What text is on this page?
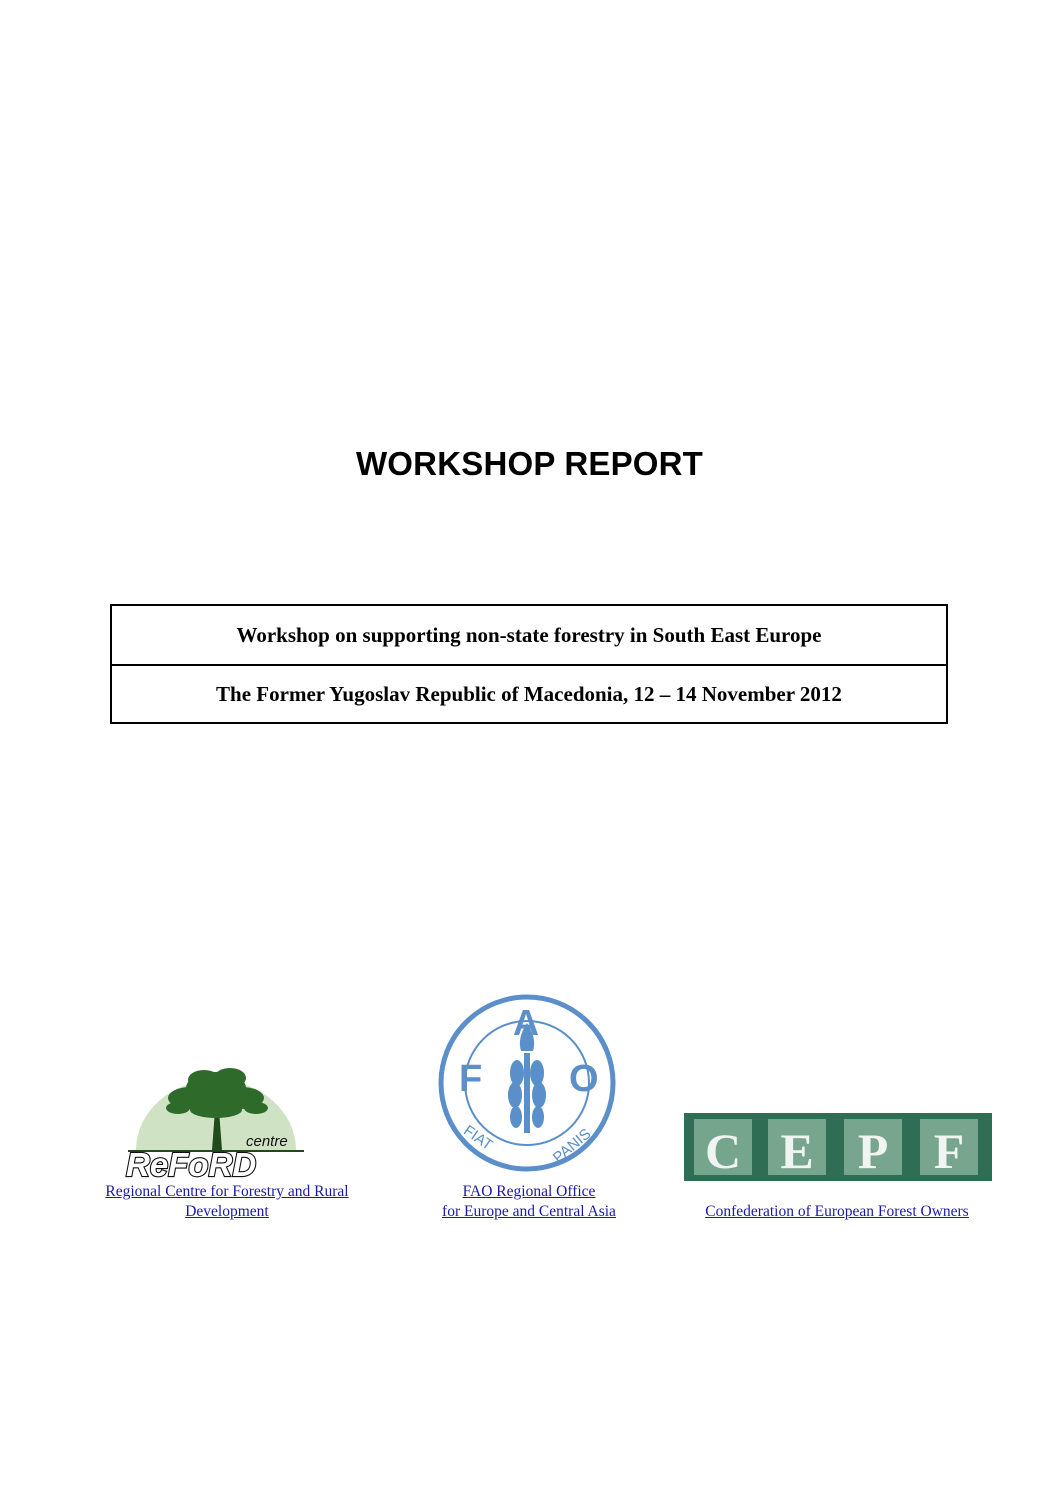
WORKSHOP REPORT
Workshop on supporting non-state forestry in South East Europe
The Former Yugoslav Republic of Macedonia, 12 – 14 November 2012
centre
ReFoRD
Regional Centre for Forestry and Rural
Development
F
A
O
FIAT	PANIS
FAO Regional Office
for Europe and Central Asia
C E P F
Confederation of European Forest Owners
